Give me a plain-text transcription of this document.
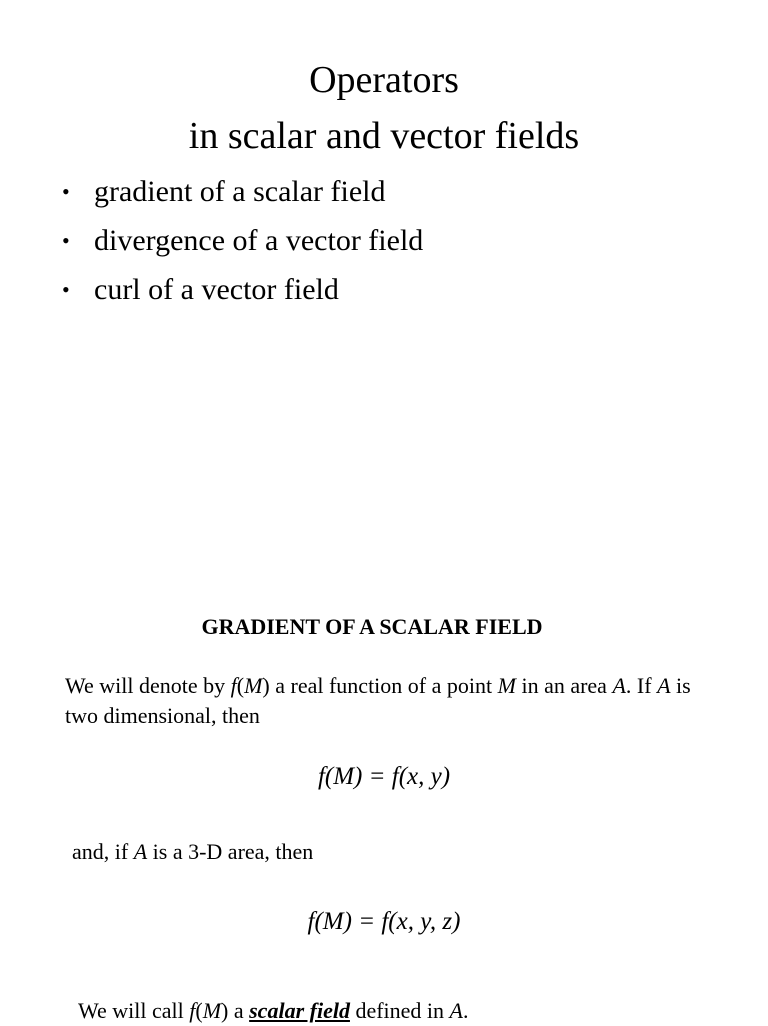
Operators
in scalar and vector fields
• gradient of a scalar field
• divergence of a vector field
• curl of a vector field
GRADIENT OF A SCALAR FIELD

We will denote by f(M) a real function of a point M in an area A. If A is two dimensional, then

f(M) = f(x, y)

and, if A is a 3-D area, then

f(M) = f(x, y, z)

We will call f(M) a scalar field defined in A.
